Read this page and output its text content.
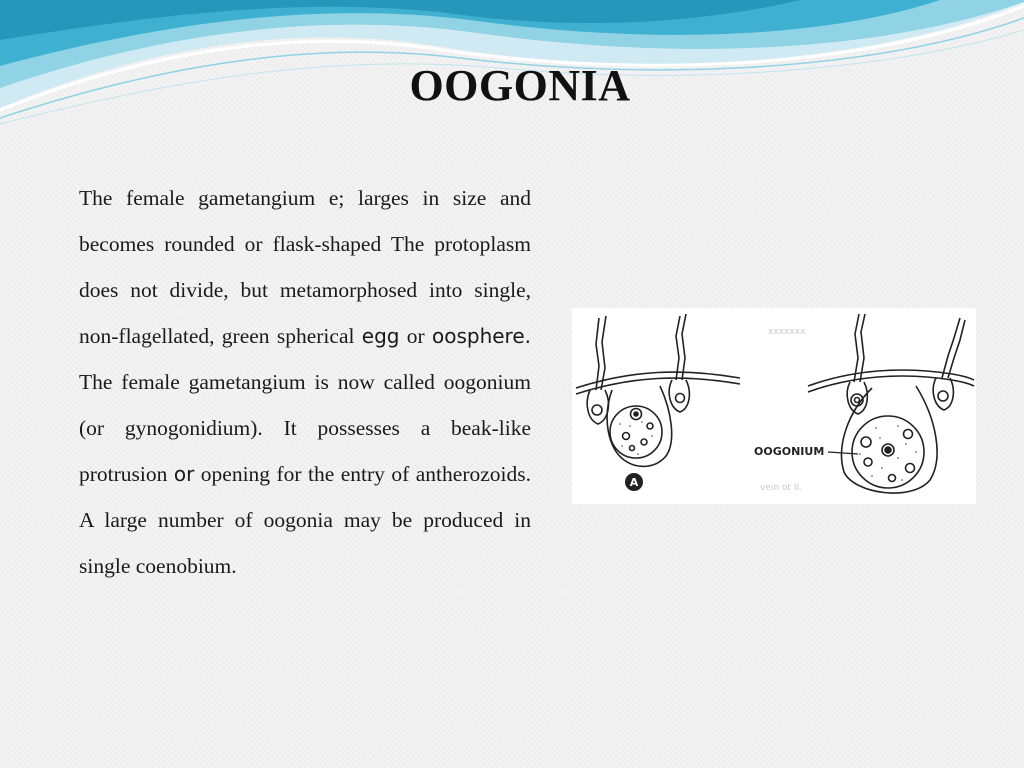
OOGONIA

The female gametangium e; larges in size and becomes rounded or flask-shaped The protoplasm does not divide, but metamorphosed into single, non-flagellated, green spherical egg or oosphere. The female gametangium is now called oogonium (or gynogonidium). It possesses a beak-like protrusion or opening for the entry of antherozoids. A large number of oogonia may be produced in single coenobium.

xxxxxxx
vein ot II.
A
OOGONIUM
